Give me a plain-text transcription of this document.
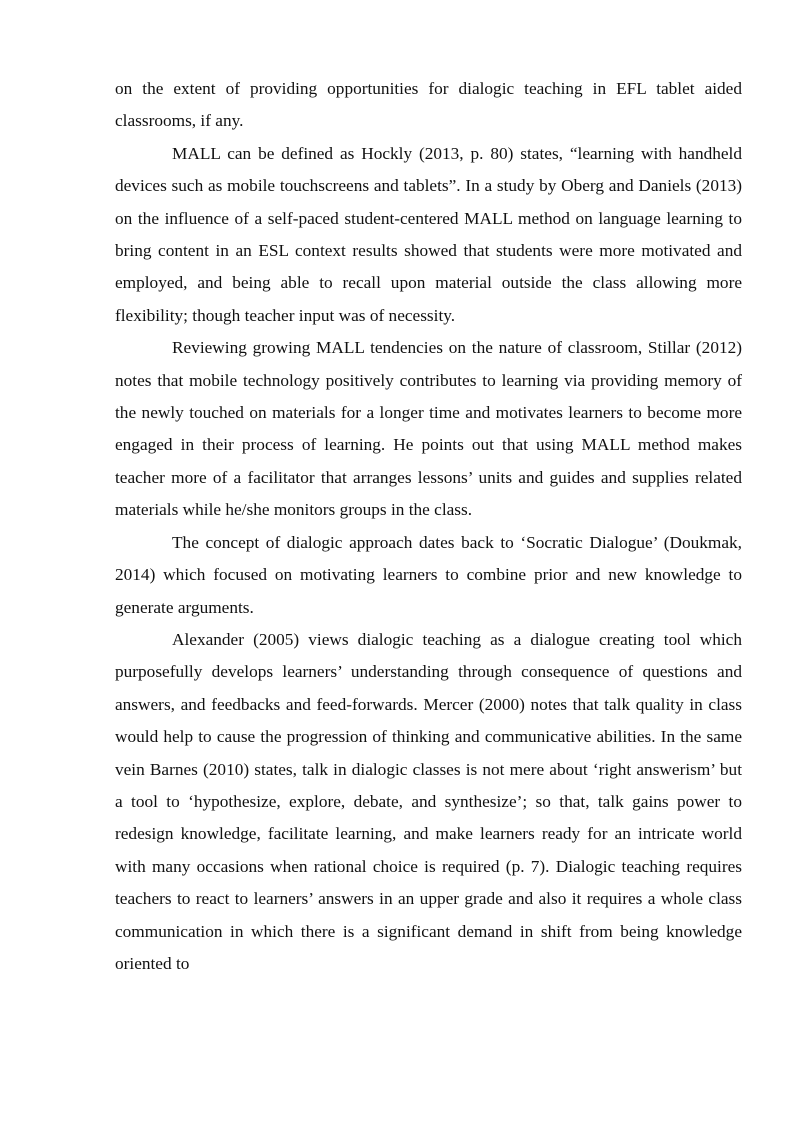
on the extent of providing opportunities for dialogic teaching in EFL tablet aided classrooms, if any.

MALL can be defined as Hockly (2013, p. 80) states, “learning with handheld devices such as mobile touchscreens and tablets”. In a study by Oberg and Daniels (2013) on the influence of a self-paced student-centered MALL method on language learning to bring content in an ESL context results showed that students were more motivated and employed, and being able to recall upon material outside the class allowing more flexibility; though teacher input was of necessity.

Reviewing growing MALL tendencies on the nature of classroom, Stillar (2012) notes that mobile technology positively contributes to learning via providing memory of the newly touched on materials for a longer time and motivates learners to become more engaged in their process of learning. He points out that using MALL method makes teacher more of a facilitator that arranges lessons’ units and guides and supplies related materials while he/she monitors groups in the class.

The concept of dialogic approach dates back to ‘Socratic Dialogue’ (Doukmak, 2014) which focused on motivating learners to combine prior and new knowledge to generate arguments.

Alexander (2005) views dialogic teaching as a dialogue creating tool which purposefully develops learners’ understanding through consequence of questions and answers, and feedbacks and feed-forwards. Mercer (2000) notes that talk quality in class would help to cause the progression of thinking and communicative abilities. In the same vein Barnes (2010) states, talk in dialogic classes is not mere about ‘right answerism’ but a tool to ‘hypothesize, explore, debate, and synthesize’; so that, talk gains power to redesign knowledge, facilitate learning, and make learners ready for an intricate world with many occasions when rational choice is required (p. 7). Dialogic teaching requires teachers to react to learners’ answers in an upper grade and also it requires a whole class communication in which there is a significant demand in shift from being knowledge oriented to
